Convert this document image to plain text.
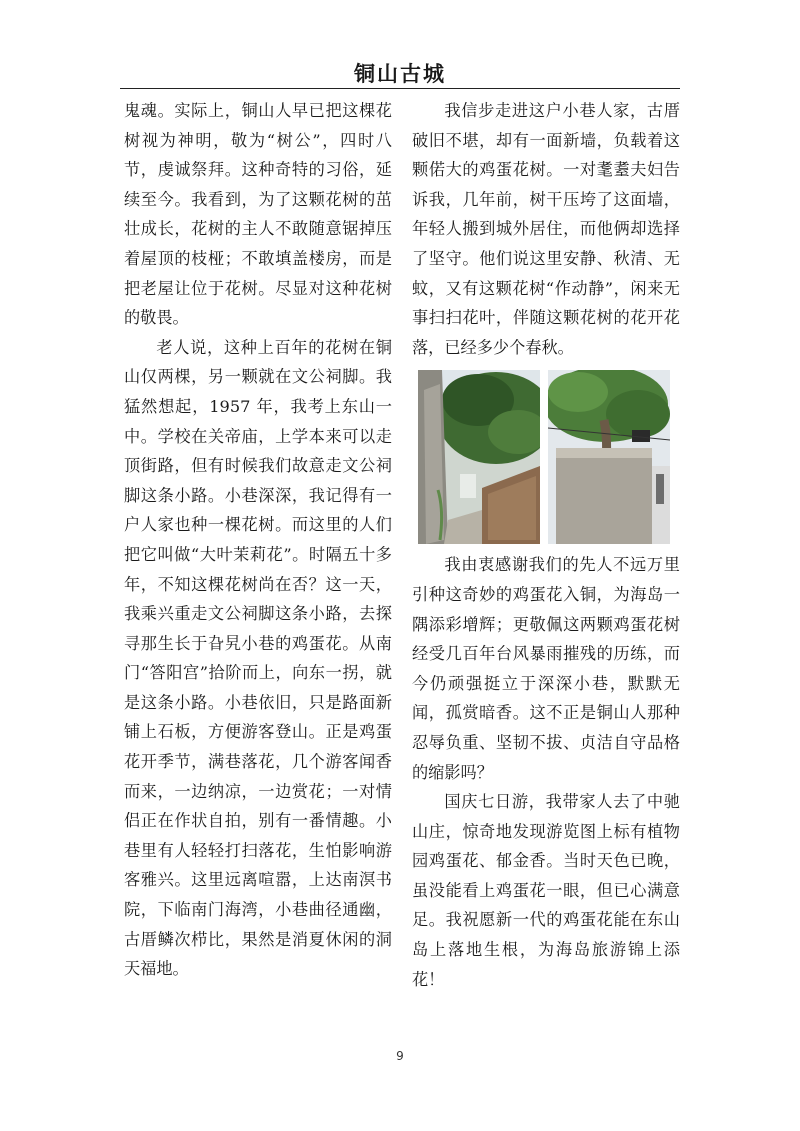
铜山古城

鬼魂。实际上，铜山人早已把这棵花树视为神明，敬为“树公”，四时八节，虔诚祭拜。这种奇特的习俗，延续至今。我看到，为了这颗花树的茁壮成长，花树的主人不敢随意锯掉压着屋顶的枝桠；不敢填盖楼房，而是把老屋让位于花树。尽显对这种花树的敬畏。

老人说，这种上百年的花树在铜山仅两棵，另一颗就在文公祠脚。我猛然想起，1957 年，我考上东山一中。学校在关帝庙，上学本来可以走顶街路，但有时候我们故意走文公祠脚这条小路。小巷深深，我记得有一户人家也种一棵花树。而这里的人们把它叫做“大叶茉莉花”。时隔五十多年，不知这棵花树尚在否？这一天，我乘兴重走文公祠脚这条小路，去探寻那生长于旮旯小巷的鸡蛋花。从南门“答阳宫”拾阶而上，向东一拐，就是这条小路。小巷依旧，只是路面新铺上石板，方便游客登山。正是鸡蛋花开季节，满巷落花，几个游客闻香而来，一边纳凉，一边赏花；一对情侣正在作状自拍，别有一番情趣。小巷里有人轻轻打扫落花，生怕影响游客雅兴。这里远离喧嚣，上达南溟书院，下临南门海湾，小巷曲径通幽，古厝鳞次栉比，果然是消夏休闲的洞天福地。

我信步走进这户小巷人家，古厝破旧不堪，却有一面新墙，负载着这颗偌大的鸡蛋花树。一对耄耋夫妇告诉我，几年前，树干压垮了这面墙，年轻人搬到城外居住，而他俩却选择了坚守。他们说这里安静、秋清、无蚊，又有这颗花树“作动静”，闲来无事扫扫花叶，伴随这颗花树的花开花落，已经多少个春秋。

我由衷感谢我们的先人不远万里引种这奇妙的鸡蛋花入铜，为海岛一隅添彩增辉；更敬佩这两颗鸡蛋花树经受几百年台风暴雨摧残的历练，而今仍顽强挺立于深深小巷，默默无闻，孤赏暗香。这不正是铜山人那种忍辱负重、坚韧不拔、贞洁自守品格的缩影吗？

国庆七日游，我带家人去了中驰山庄，惊奇地发现游览图上标有植物园鸡蛋花、郁金香。当时天色已晚，虽没能看上鸡蛋花一眼，但已心满意足。我祝愿新一代的鸡蛋花能在东山岛上落地生根，为海岛旅游锦上添花！

9
